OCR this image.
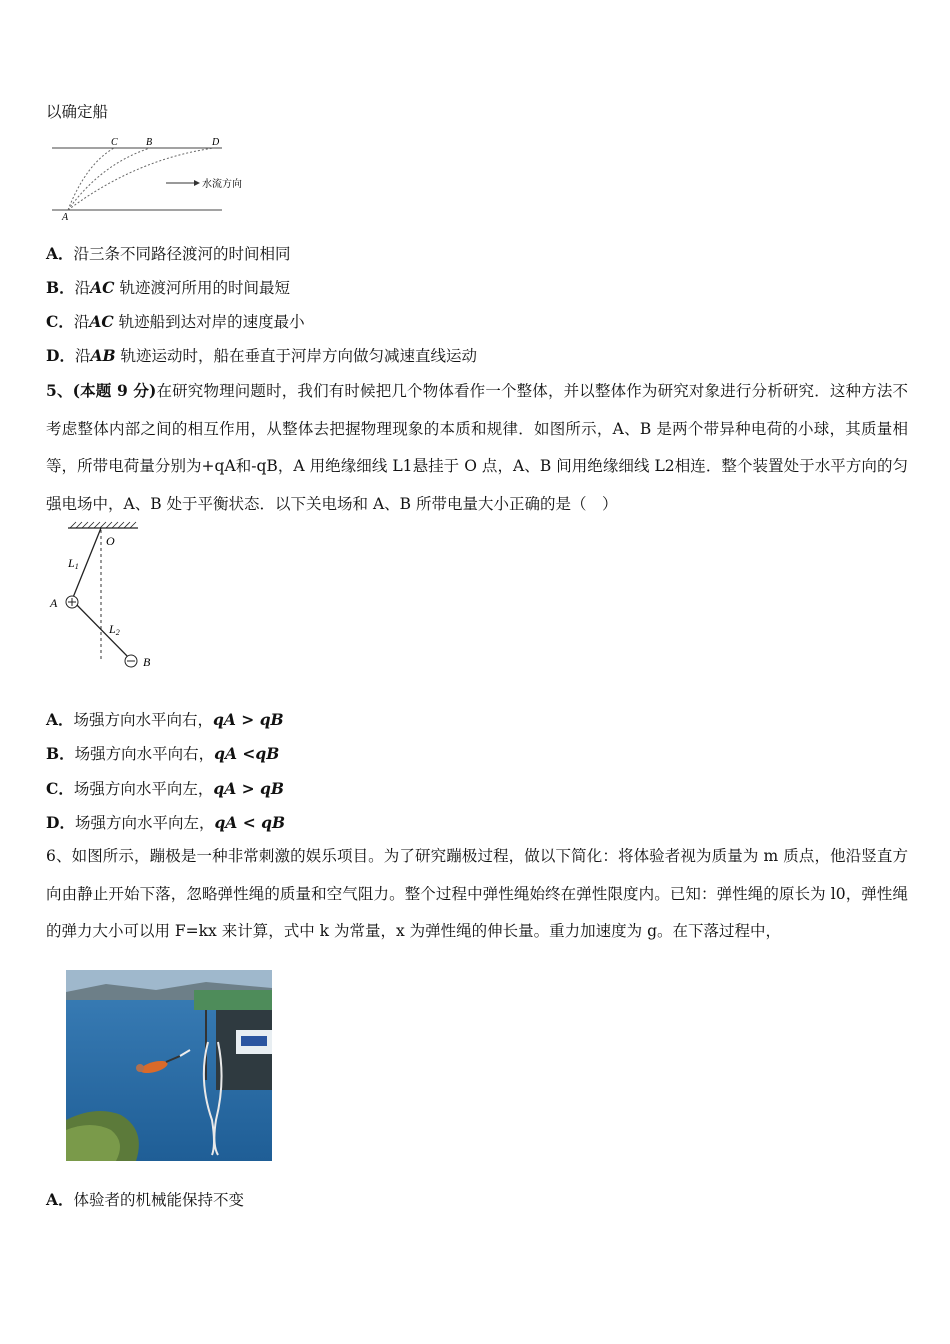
以确定船
C	B	D
A
水流方向
A．沿三条不同路径渡河的时间相同
B．沿AC 轨迹渡河所用的时间最短
C．沿AC 轨迹船到达对岸的速度最小
D．沿AB 轨迹运动时，船在垂直于河岸方向做匀减速直线运动
5、(本题 9 分)在研究物理问题时，我们有时候把几个物体看作一个整体，并以整体作为研究对象进行分析研究．这种方法不考虑整体内部之间的相互作用，从整体去把握物理现象的本质和规律．如图所示，A、B 是两个带异种电荷的小球，其质量相等，所带电荷量分别为+qA和-qB，A 用绝缘细线 L1悬挂于 O 点，A、B 间用绝缘细线 L2相连．整个装置处于水平方向的匀强电场中，A、B 处于平衡状态．以下关电场和 A、B 所带电量大小正确的是（　）
O
L1
A
L2
B
A．场强方向水平向右，qA > qB
B．场强方向水平向右，qA <qB
C．场强方向水平向左，qA > qB
D．场强方向水平向左，qA < qB
6、如图所示，蹦极是一种非常刺激的娱乐项目。为了研究蹦极过程，做以下简化：将体验者视为质量为 m 质点，他沿竖直方向由静止开始下落，忽略弹性绳的质量和空气阻力。整个过程中弹性绳始终在弹性限度内。已知：弹性绳的原长为 l0，弹性绳的弹力大小可以用 F=kx 来计算，式中 k 为常量，x 为弹性绳的伸长量。重力加速度为 g。在下落过程中，
A．体验者的机械能保持不变
